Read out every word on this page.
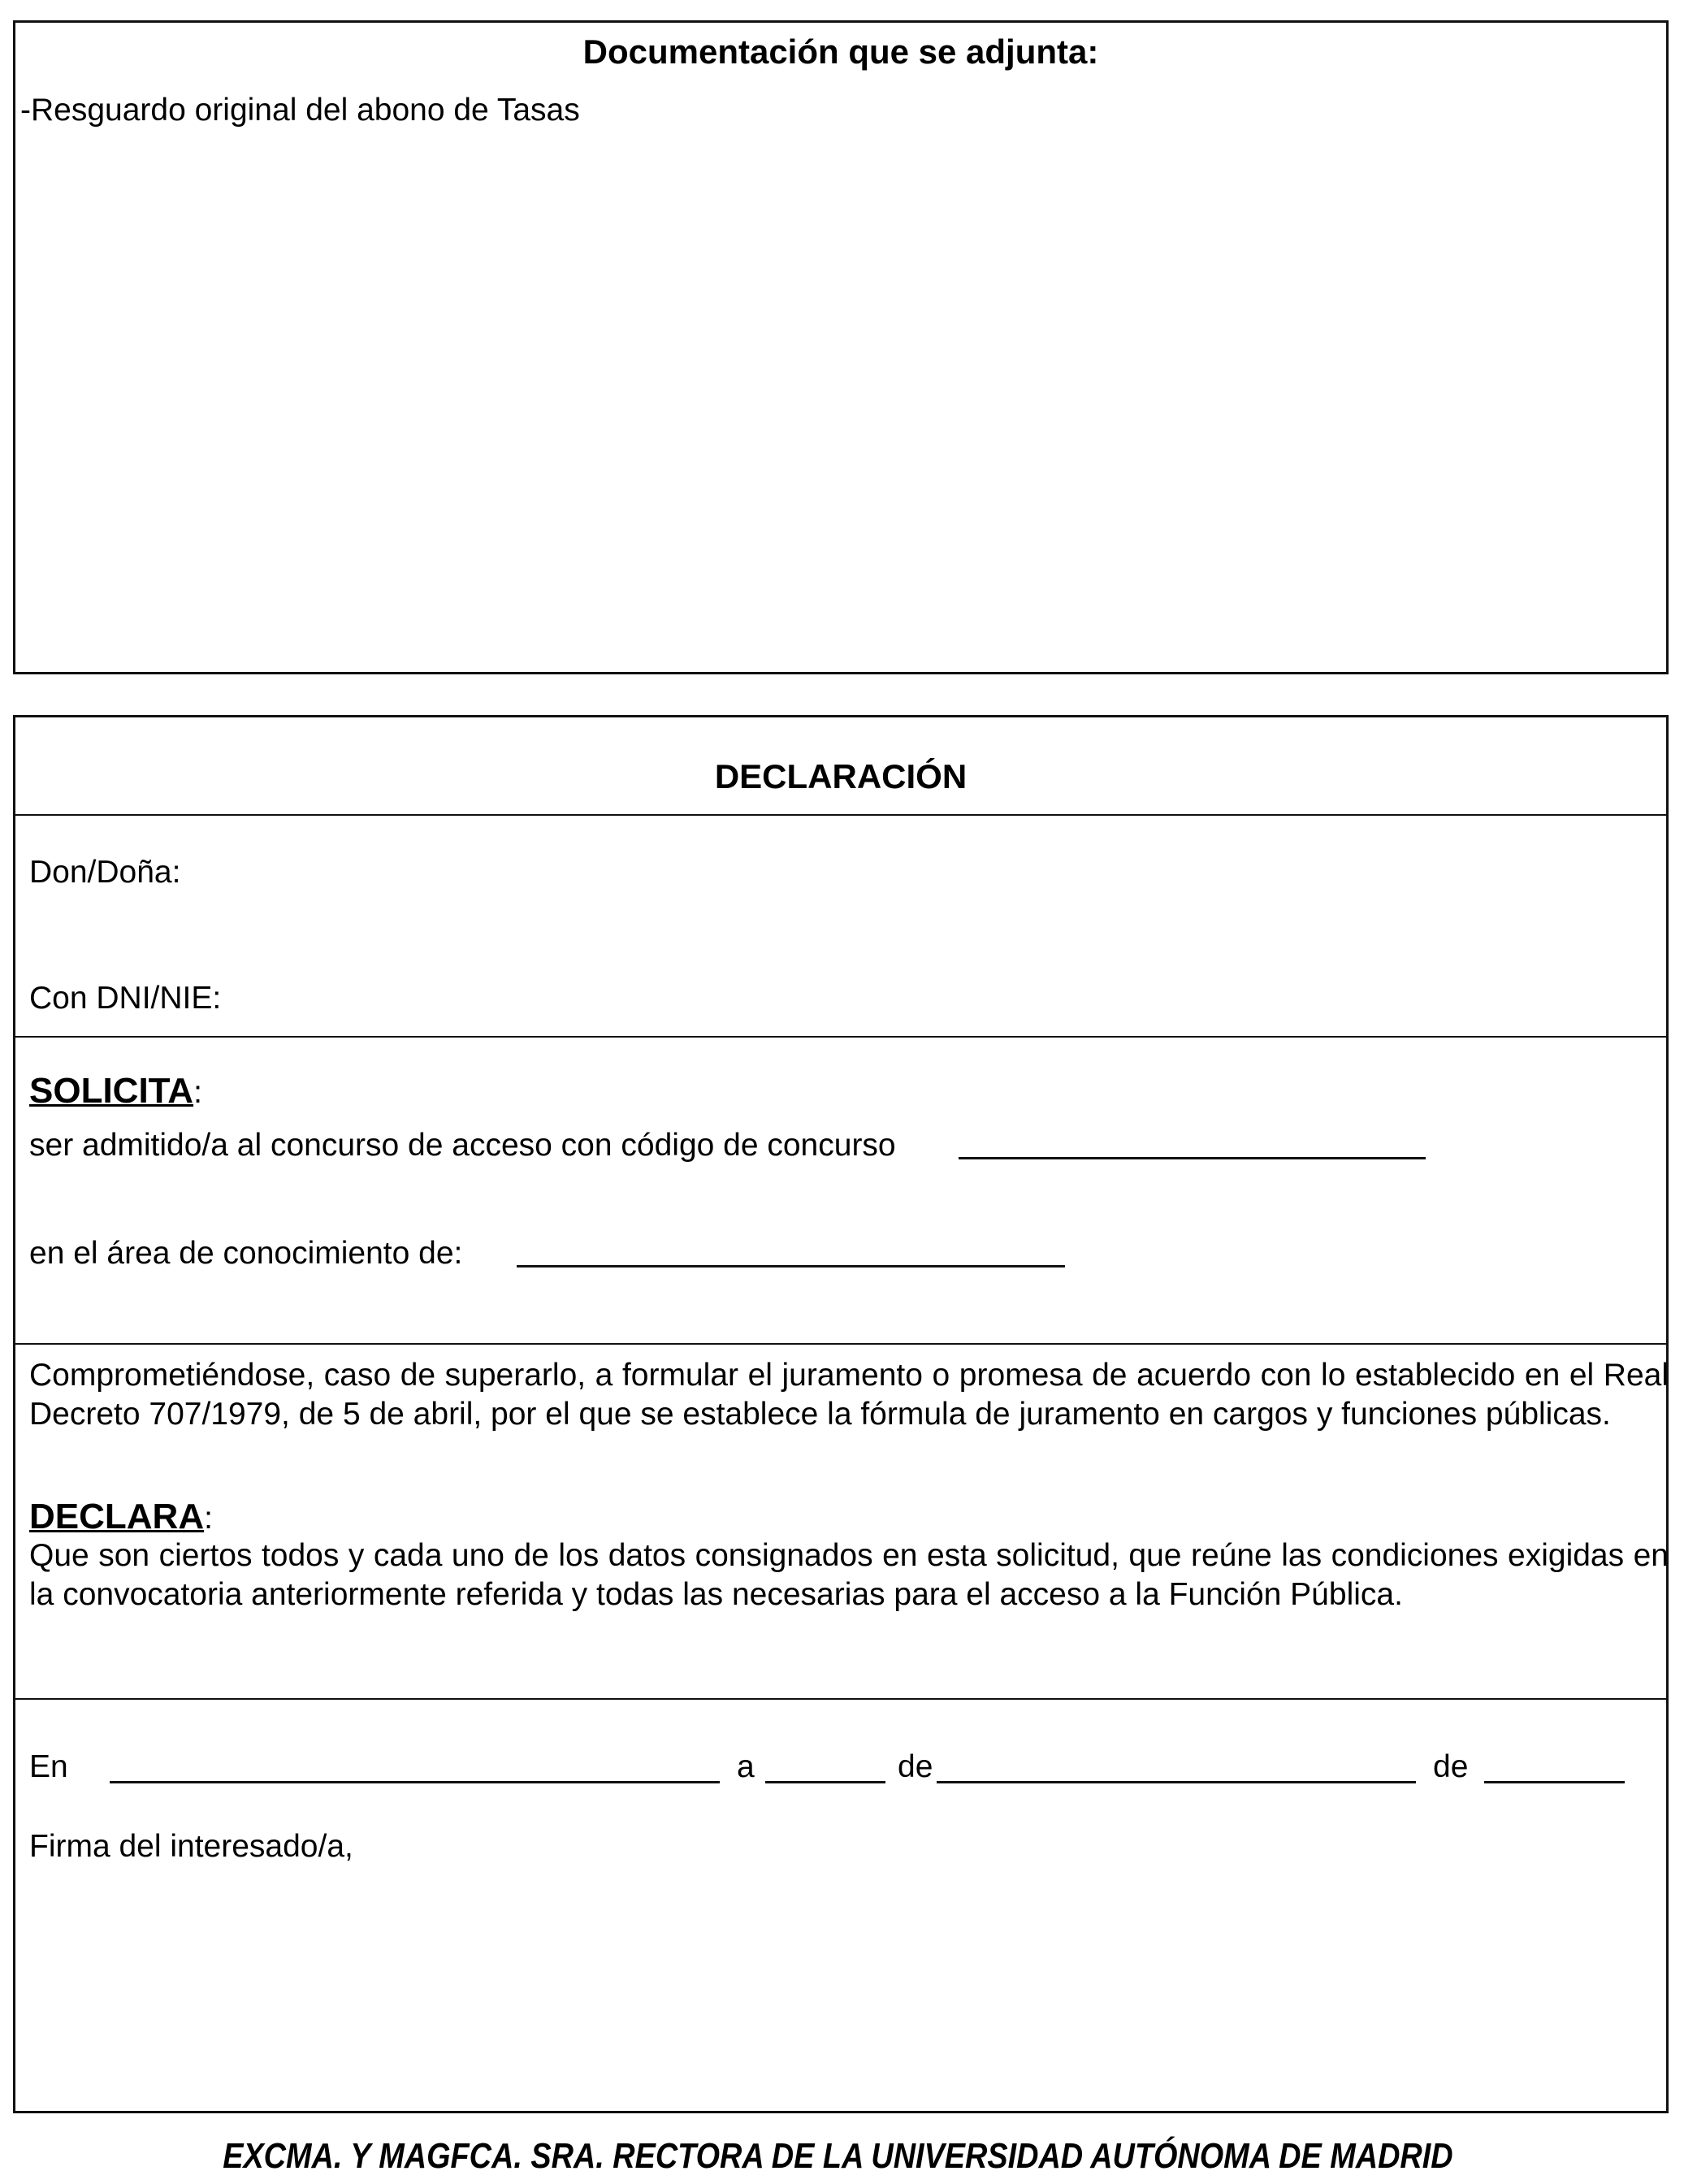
Documentación que se adjunta:
-Resguardo original del abono de Tasas
DECLARACIÓN
Don/Doña:
Con DNI/NIE:
SOLICITA:
ser admitido/a al concurso de acceso con código de concurso
en el área de conocimiento de:
Comprometiéndose, caso de superarlo, a formular el juramento o promesa de acuerdo con lo establecido en el Real Decreto 707/1979, de 5 de abril, por el que se establece la fórmula de juramento en cargos y funciones públicas.
DECLARA:
Que son ciertos todos y cada uno de los datos consignados en esta solicitud, que reúne las condiciones exigidas en la convocatoria anteriormente referida y todas las necesarias para el acceso a la Función Pública.
En	a	de	de
Firma del interesado/a,
EXCMA. Y MAGFCA. SRA. RECTORA DE LA UNIVERSIDAD AUTÓNOMA DE MADRID
